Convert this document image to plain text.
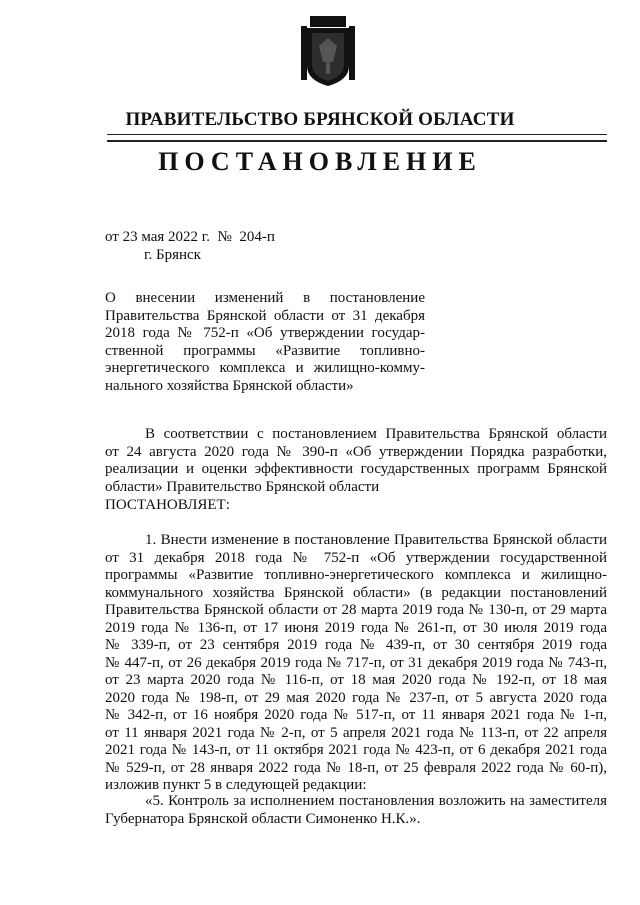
ПРАВИТЕЛЬСТВО БРЯНСКОЙ ОБЛАСТИ
ПОСТАНОВЛЕНИЕ
от 23 мая 2022 г.  №  204-п
г. Брянск
О внесении изменений в постановление
Правительства Брянской области от 31 декабря
2018 года № 752-п «Об утверждении государ-
ственной программы «Развитие топливно-
энергетического комплекса и жилищно-комму-
нального хозяйства Брянской области»
В соответствии с постановлением Правительства Брянской области
от 24 августа 2020 года № 390-п «Об утверждении Порядка разработки,
реализации и оценки эффективности государственных программ Брянской
области» Правительство Брянской области
ПОСТАНОВЛЯЕТ:
1. Внести изменение в постановление Правительства Брянской области
от 31 декабря 2018 года № 752-п «Об утверждении государственной
программы «Развитие топливно-энергетического комплекса и жилищно-
коммунального хозяйства Брянской области» (в редакции постановлений
Правительства Брянской области от 28 марта 2019 года № 130-п, от 29 марта
2019 года № 136-п, от 17 июня 2019 года № 261-п, от 30 июля 2019 года
№ 339-п, от 23 сентября 2019 года № 439-п, от 30 сентября 2019 года
№ 447-п, от 26 декабря 2019 года № 717-п, от 31 декабря 2019 года № 743-п,
от 23 марта 2020 года № 116-п, от 18 мая 2020 года № 192-п, от 18 мая
2020 года № 198-п, от 29 мая 2020 года № 237-п, от 5 августа 2020 года
№ 342-п, от 16 ноября 2020 года № 517-п, от 11 января 2021 года № 1-п,
от 11 января 2021 года № 2-п, от 5 апреля 2021 года № 113-п, от 22 апреля
2021 года № 143-п, от 11 октября 2021 года № 423-п, от 6 декабря 2021 года
№ 529-п, от 28 января 2022 года № 18-п, от 25 февраля 2022 года № 60-п),
изложив пункт 5 в следующей редакции:
«5. Контроль за исполнением постановления возложить на заместителя
Губернатора Брянской области Симоненко Н.К.».
